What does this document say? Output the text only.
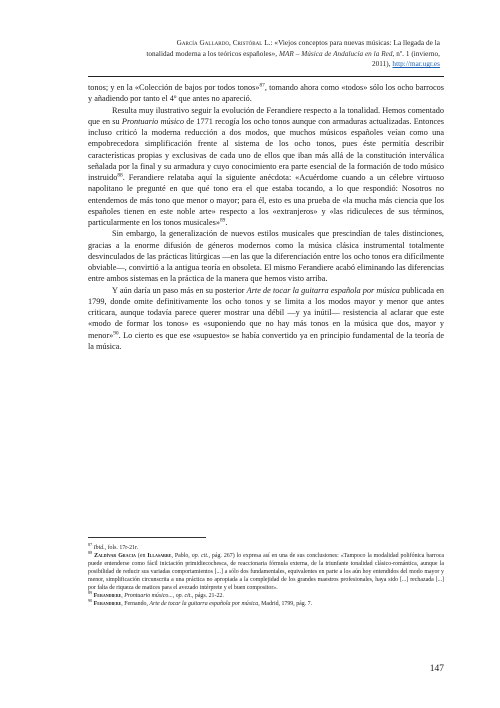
García Gallardo, Cristóbal L.: «Viejos conceptos para nuevas músicas: La llegada de la
tonalidad moderna a los teóricos españoles», MAR – Música de Andalucía en la Red, nº. 1 (invierno,
2011), http://mar.ugr.es

tonos; y en la «Colección de bajos por todos tonos»$^{87}$, tomando ahora como «todos» sólo los ocho barrocos y añadiendo por tanto el 4º que antes no apareció.

Resulta muy ilustrativo seguir la evolución de Ferandiere respecto a la tonalidad. Hemos comentado que en su Prontuario músico de 1771 recogía los ocho tonos aunque con armaduras actualizadas. Entonces incluso criticó la moderna reducción a dos modos, que muchos músicos españoles veían como una empobrecedora simplificación frente al sistema de los ocho tonos, pues éste permitía describir características propias y exclusivas de cada uno de ellos que iban más allá de la constitución interválica señalada por la final y su armadura y cuyo conocimiento era parte esencial de la formación de todo músico instruido$^{88}$. Ferandiere relataba aquí la siguiente anécdota: «Acuérdome cuando a un célebre virtuoso napolitano le pregunté en que qué tono era el que estaba tocando, a lo que respondió: Nosotros no entendemos de más tono que menor o mayor; para él, esto es una prueba de «la mucha más ciencia que los españoles tienen en este noble arte» respecto a los «extranjeros» y «las ridiculeces de sus términos, particularmente en los tonos musicales»$^{89}$.

Sin embargo, la generalización de nuevos estilos musicales que prescindían de tales distinciones, gracias a la enorme difusión de géneros modernos como la música clásica instrumental totalmente desvinculados de las prácticas litúrgicas —en las que la diferenciación entre los ocho tonos era difícilmente obviable—, convirtió a la antigua teoría en obsoleta. El mismo Ferandiere acabó eliminando las diferencias entre ambos sistemas en la práctica de la manera que hemos visto arriba.

Y aún daría un paso más en su posterior Arte de tocar la guitarra española por música publicada en 1799, donde omite definitivamente los ocho tonos y se limita a los modos mayor y menor que antes criticara, aunque todavía parece querer mostrar una débil —y ya inútil— resistencia al aclarar que este «modo de formar los tonos» es «suponiendo que no hay más tonos en la música que dos, mayor y menor»$^{90}$. Lo cierto es que ese «supuesto» se había convertido ya en principio fundamental de la teoría de la música.

$^{87}$ Ibid., fols. 17r-21r.

$^{88}$ Zaldívar Gracia (en Illasarre, Pablo, op. cit., pág. 267) lo expresa así en una de sus conclusiones: «Tampoco la modalidad polifónica barroca puede entenderse como fácil iniciación primidiecochesca, de reaccionaria fórmula externa, de la triunfante tonalidad clásico-romántica, aunque la posibilidad de reducir sus variadas comportamientos [...] a sólo dos fundamentales, equivalentes en parte a los aún hoy entendidos del modo mayor y menor, simplificación circunscrita a una práctica no apropiada a la complejidad de los grandes maestros profesionales, haya sido [...] rechazada [...] por falta de riqueza de matices para el avezado intérprete y el buen compositor».

$^{89}$ Ferandiere, Prontuario músico..., op. cit., págs. 21-22.

$^{90}$ Ferandiere, Fernando, Arte de tocar la guitarra española por música, Madrid, 1799, pág. 7.

147
